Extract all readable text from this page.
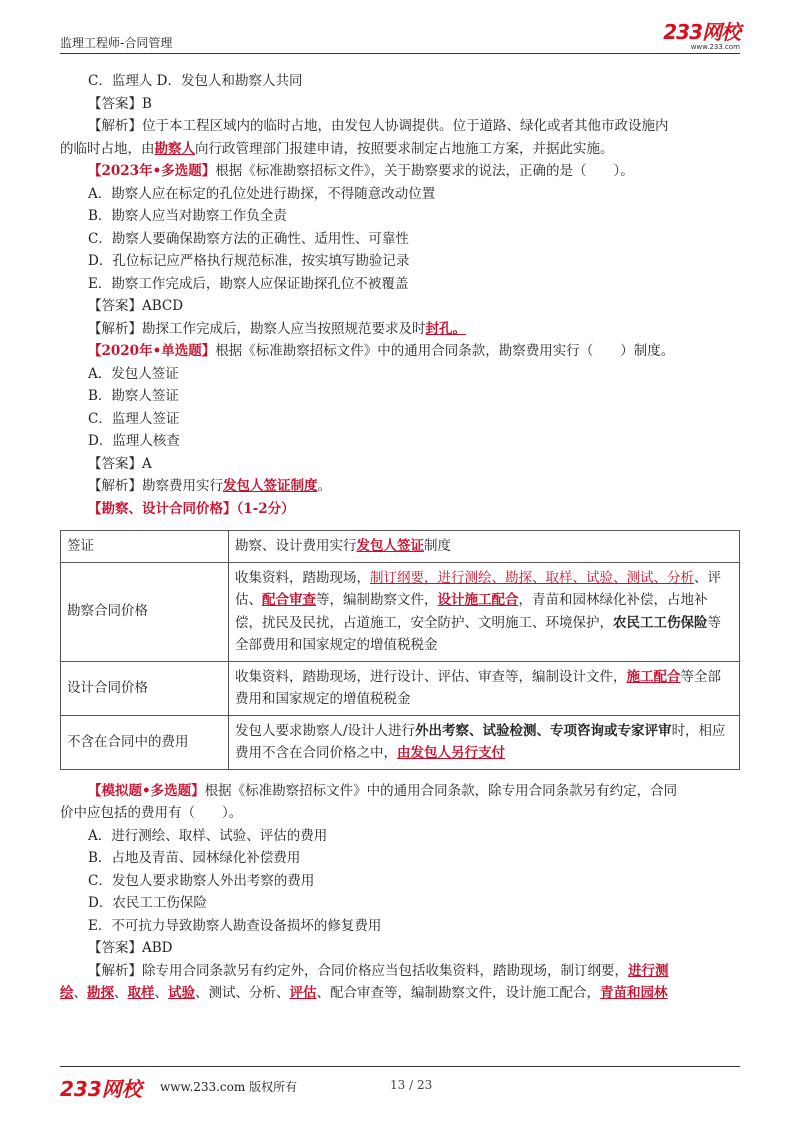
监理工程师-合同管理	233网校
www.233.com
C．监理人 D．发包人和勘察人共同
【答案】B
【解析】位于本工程区域内的临时占地，由发包人协调提供。位于道路、绿化或者其他市政设施内
的临时占地，由勘察人向行政管理部门报建申请，按照要求制定占地施工方案，并据此实施。
【2023年•多选题】根据《标准勘察招标文件》，关于勘察要求的说法，正确的是（　　）。
A．勘察人应在标定的孔位处进行勘探，不得随意改动位置
B．勘察人应当对勘察工作负全责
C．勘察人要确保勘察方法的正确性、适用性、可靠性
D．孔位标记应严格执行规范标准，按实填写勘验记录
E．勘察工作完成后，勘察人应保证勘探孔位不被覆盖
【答案】ABCD
【解析】勘探工作完成后，勘察人应当按照规范要求及时封孔。
【2020年•单选题】根据《标准勘察招标文件》中的通用合同条款，勘察费用实行（　　）制度。
A．发包人签证
B．勘察人签证
C．监理人签证
D．监理人核查
【答案】A
【解析】勘察费用实行发包人签证制度。
【勘察、设计合同价格】（1-2分）
签证	勘察、设计费用实行发包人签证制度
勘察合同价格	收集资料，踏勘现场，制订纲要，进行测绘、勘探、取样、试验、测试、分析、评估、配合审查等，编制勘察文件，设计施工配合，青苗和园林绿化补偿，占地补偿，扰民及民扰，占道施工，安全防护、文明施工、环境保护，农民工工伤保险等全部费用和国家规定的增值税税金
设计合同价格	收集资料，踏勘现场，进行设计、评估、审查等，编制设计文件，施工配合等全部费用和国家规定的增值税税金
不含在合同中的费用	发包人要求勘察人/设计人进行外出考察、试验检测、专项咨询或专家评审时，相应费用不含在合同价格之中，由发包人另行支付
【模拟题•多选题】根据《标准勘察招标文件》中的通用合同条款，除专用合同条款另有约定，合同
价中应包括的费用有（　　）。
A．进行测绘、取样、试验、评估的费用
B．占地及青苗、园林绿化补偿费用
C．发包人要求勘察人外出考察的费用
D．农民工工伤保险
E．不可抗力导致勘察人勘查设备损坏的修复费用
【答案】ABD
【解析】除专用合同条款另有约定外，合同价格应当包括收集资料，踏勘现场，制订纲要，进行测
绘、勘探、取样、试验、测试、分析、评估、配合审查等，编制勘察文件，设计施工配合，青苗和园林
233网校 www.233.com 版权所有	13 / 23
